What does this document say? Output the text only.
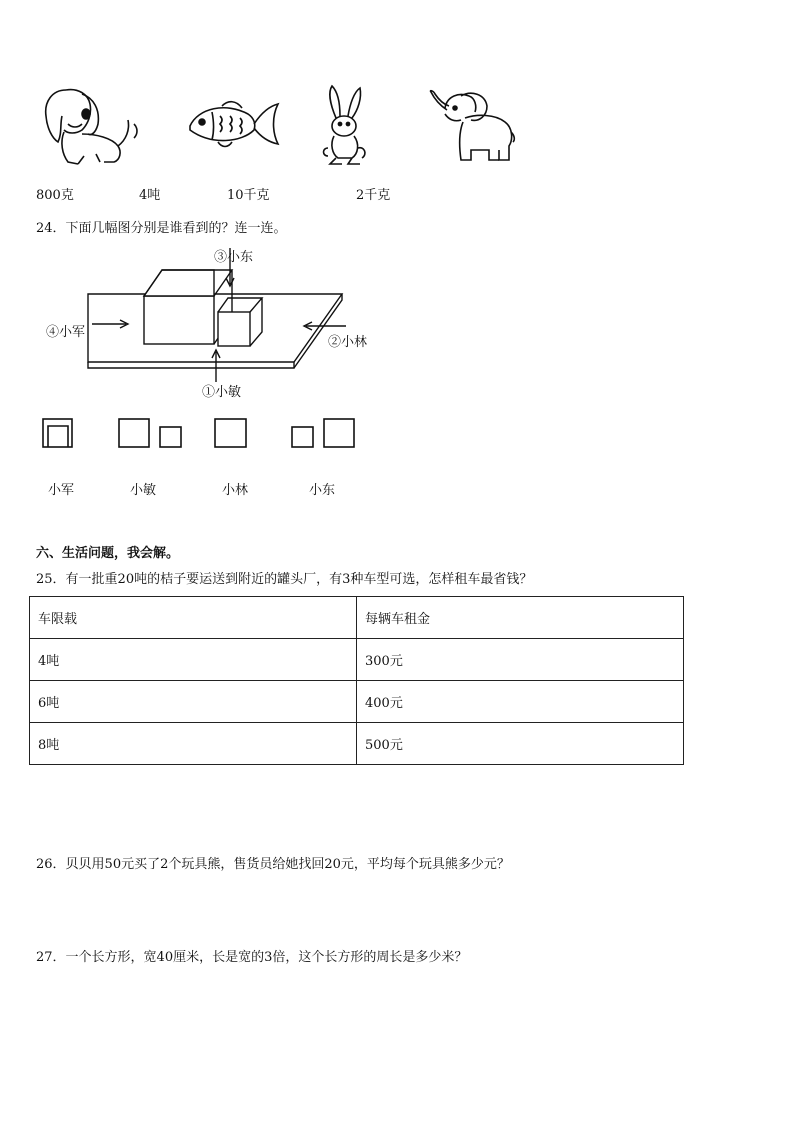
800克	4吨	10千克	2千克
24．下面几幅图分别是谁看到的？连一连。
③小东
④小军
②小林
①小敏
小军	小敏	小林	小东
六、生活问题，我会解。
25．有一批重20吨的桔子要运送到附近的罐头厂，有3种车型可选，怎样租车最省钱？
车限载	每辆车租金
4吨	300元
6吨	400元
8吨	500元
26．贝贝用50元买了2个玩具熊，售货员给她找回20元，平均每个玩具熊多少元？
27．一个长方形，宽40厘米，长是宽的3倍，这个长方形的周长是多少米？
